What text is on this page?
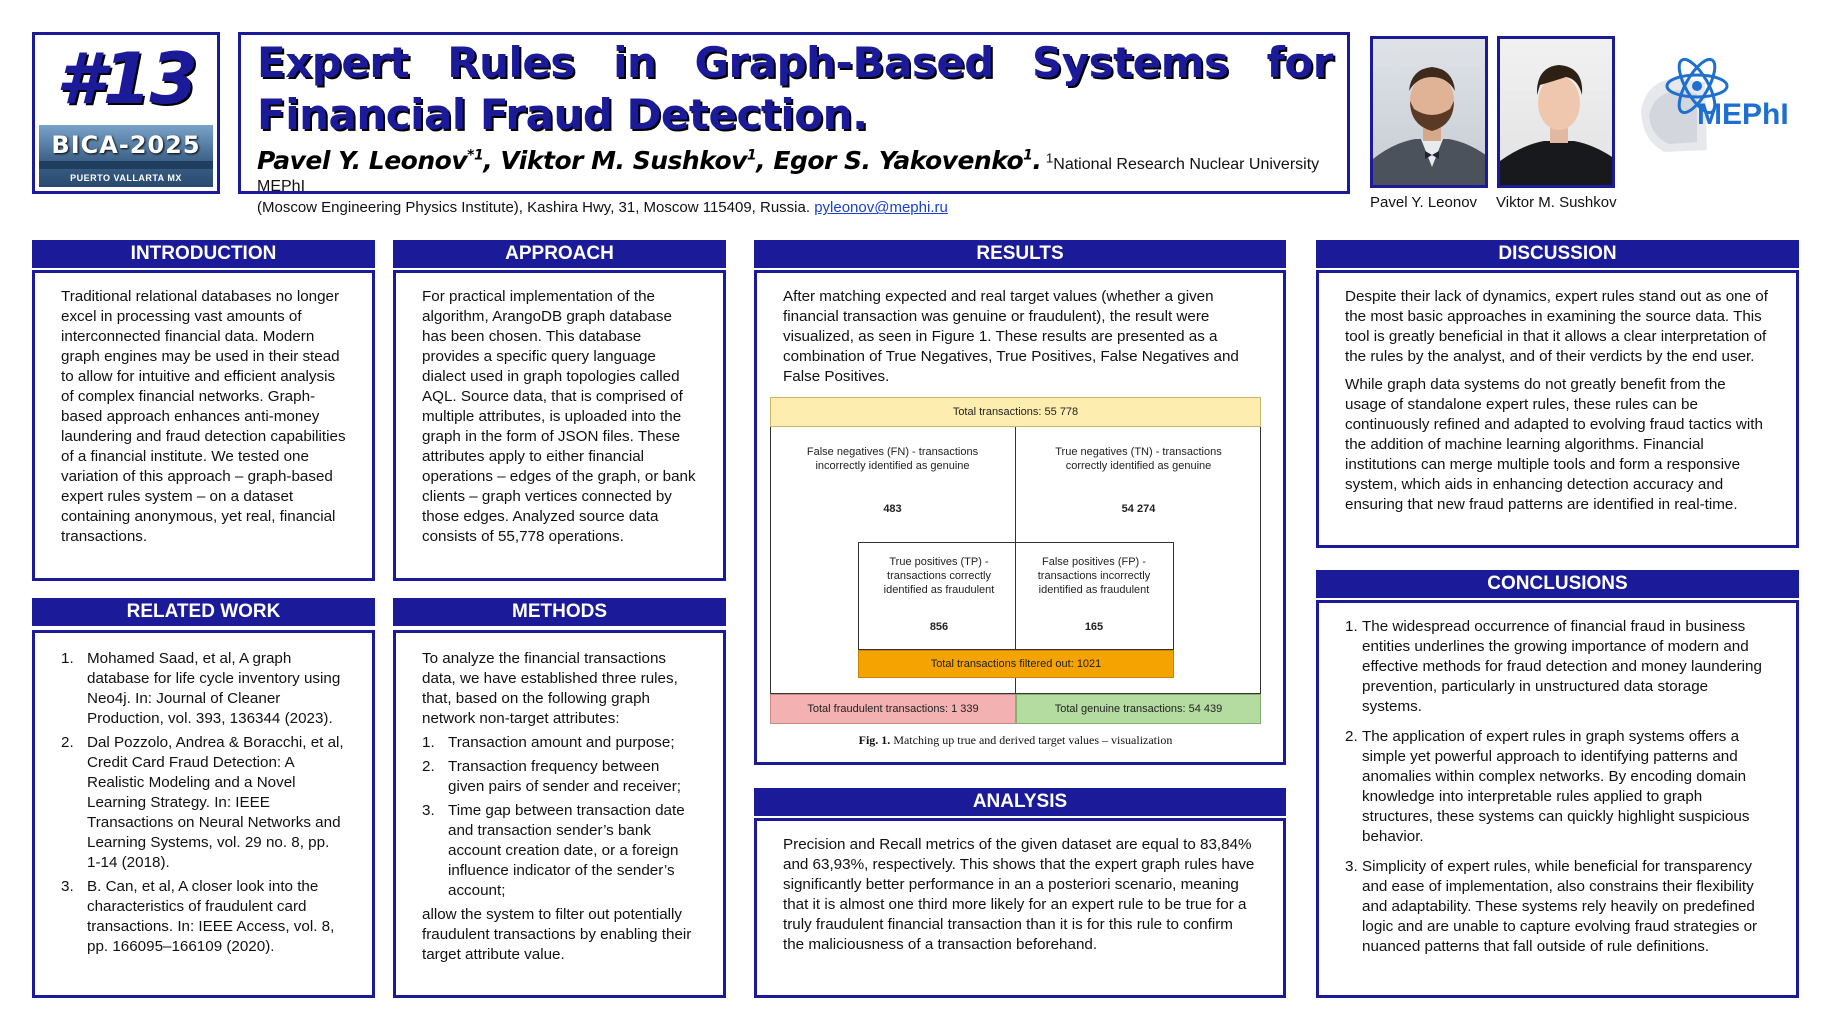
#13
BICA-2025
PUERTO VALLARTA MX
Expert Rules in Graph-Based Systems for Financial Fraud Detection.
Pavel Y. Leonov$^{*1}$, Viktor M. Sushkov$^1$, Egor S. Yakovenko$^1$. $^1$National Research Nuclear University MEPhI
(Moscow Engineering Physics Institute), Kashira Hwy, 31, Moscow 115409, Russia. pyleonov@mephi.ru	Pavel Y. Leonov Viktor M. Sushkov
MEPhI
INTRODUCTION

Traditional relational databases no longer excel in processing vast amounts of interconnected financial data. Modern graph engines may be used in their stead to allow for intuitive and efficient analysis of complex financial networks. Graph-based approach enhances anti-money laundering and fraud detection capabilities of a financial institute. We tested one variation of this approach – graph-based expert rules system – on a dataset containing anonymous, yet real, financial transactions.

RELATED WORK
1. Mohamed Saad, et al, A graph database for life cycle inventory using Neo4j. In: Journal of Cleaner Production, vol. 393, 136344 (2023).
2. Dal Pozzolo, Andrea & Boracchi, et al, Credit Card Fraud Detection: A Realistic Modeling and a Novel Learning Strategy. In: IEEE Transactions on Neural Networks and Learning Systems, vol. 29 no. 8, pp. 1-14 (2018).
3. B. Can, et al, A closer look into the characteristics of fraudulent card transactions. In: IEEE Access, vol. 8, pp. 166095–166109 (2020).
APPROACH

For practical implementation of the algorithm, ArangoDB graph database has been chosen. This database provides a specific query language dialect used in graph topologies called AQL. Source data, that is comprised of multiple attributes, is uploaded into the graph in the form of JSON files. These attributes apply to either financial operations – edges of the graph, or bank clients – graph vertices connected by those edges. Analyzed source data consists of 55,778 operations.

METHODS

To analyze the financial transactions data, we have established three rules, that, based on the following graph network non-target attributes:

1. Transaction amount and purpose;
2. Transaction frequency between given pairs of sender and receiver;
3. Time gap between transaction date and transaction sender’s bank account creation date, or a foreign influence indicator of the sender’s account;

allow the system to filter out potentially fraudulent transactions by enabling their target attribute value.

RESULTS

After matching expected and real target values (whether a given financial transaction was genuine or fraudulent), the result were visualized, as seen in Figure 1. These results are presented as a combination of True Negatives, True Positives, False Negatives and False Positives.

Total transactions: 55 778
False negatives (FN) - transactions incorrectly identified as genuine
483
True negatives (TN) - transactions correctly identified as genuine
54 274
True positives (TP) - transactions correctly identified as fraudulent
856
False positives (FP) - transactions incorrectly identified as fraudulent
165
Total transactions filtered out: 1021
Total fraudulent transactions: 1 339	Total genuine transactions: 54 439
Fig. 1. Matching up true and derived target values – visualization
ANALYSIS

Precision and Recall metrics of the given dataset are equal to 83,84% and 63,93%, respectively. This shows that the expert graph rules have significantly better performance in an a posteriori scenario, meaning that it is almost one third more likely for an expert rule to be true for a truly fraudulent financial transaction than it is for this rule to confirm the maliciousness of a transaction beforehand.

DISCUSSION

Despite their lack of dynamics, expert rules stand out as one of the most basic approaches in examining the source data. This tool is greatly beneficial in that it allows a clear interpretation of the rules by the analyst, and of their verdicts by the end user.

While graph data systems do not greatly benefit from the usage of standalone expert rules, these rules can be continuously refined and adapted to evolving fraud tactics with the addition of machine learning algorithms. Financial institutions can merge multiple tools and form a responsive system, which aids in enhancing detection accuracy and ensuring that new fraud patterns are identified in real-time.

CONCLUSIONS
1. The widespread occurrence of financial fraud in business entities underlines the growing importance of modern and effective methods for fraud detection and money laundering prevention, particularly in unstructured data storage systems.
2. The application of expert rules in graph systems offers a simple yet powerful approach to identifying patterns and anomalies within complex networks. By encoding domain knowledge into interpretable rules applied to graph structures, these systems can quickly highlight suspicious behavior.
3. Simplicity of expert rules, while beneficial for transparency and ease of implementation, also constrains their flexibility and adaptability. These systems rely heavily on predefined logic and are unable to capture evolving fraud strategies or nuanced patterns that fall outside of rule definitions.
